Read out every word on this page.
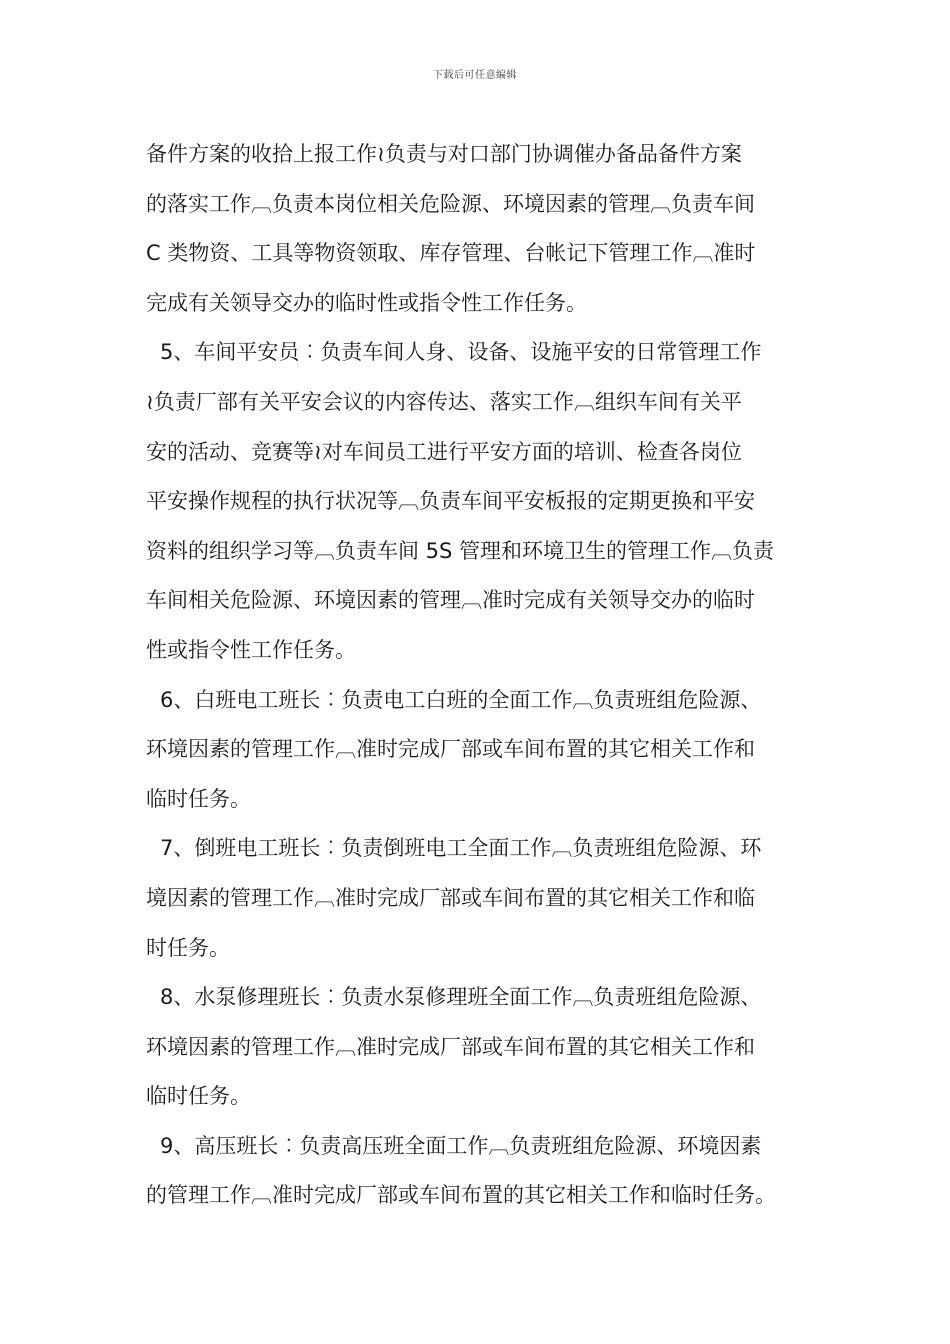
下载后可任意编辑
备件方案的收拾上报工作≀负责与对口部门协调催办备品备件方案
的落实工作︹负责本岗位相关危险源、环境因素的管理︹负责车间
C 类物资、工具等物资领取、库存管理、台帐记下管理工作︹准时
完成有关领导交办的临时性或指令性工作任务。
5、车间平安员︰负责车间人身、设备、设施平安的日常管理工作
≀负责厂部有关平安会议的内容传达、落实工作︹组织车间有关平
安的活动、竞赛等≀对车间员工进行平安方面的培训、检查各岗位
平安操作规程的执行状况等︹负责车间平安板报的定期更换和平安
资料的组织学习等︹负责车间 5S 管理和环境卫生的管理工作︹负责
车间相关危险源、环境因素的管理︹准时完成有关领导交办的临时
性或指令性工作任务。
6、白班电工班长︰负责电工白班的全面工作︹负责班组危险源、
环境因素的管理工作︹准时完成厂部或车间布置的其它相关工作和
临时任务。
7、倒班电工班长︰负责倒班电工全面工作︹负责班组危险源、环
境因素的管理工作︹准时完成厂部或车间布置的其它相关工作和临
时任务。
8、水泵修理班长︰负责水泵修理班全面工作︹负责班组危险源、
环境因素的管理工作︹准时完成厂部或车间布置的其它相关工作和
临时任务。
9、高压班长︰负责高压班全面工作︹负责班组危险源、环境因素
的管理工作︹准时完成厂部或车间布置的其它相关工作和临时任务。
